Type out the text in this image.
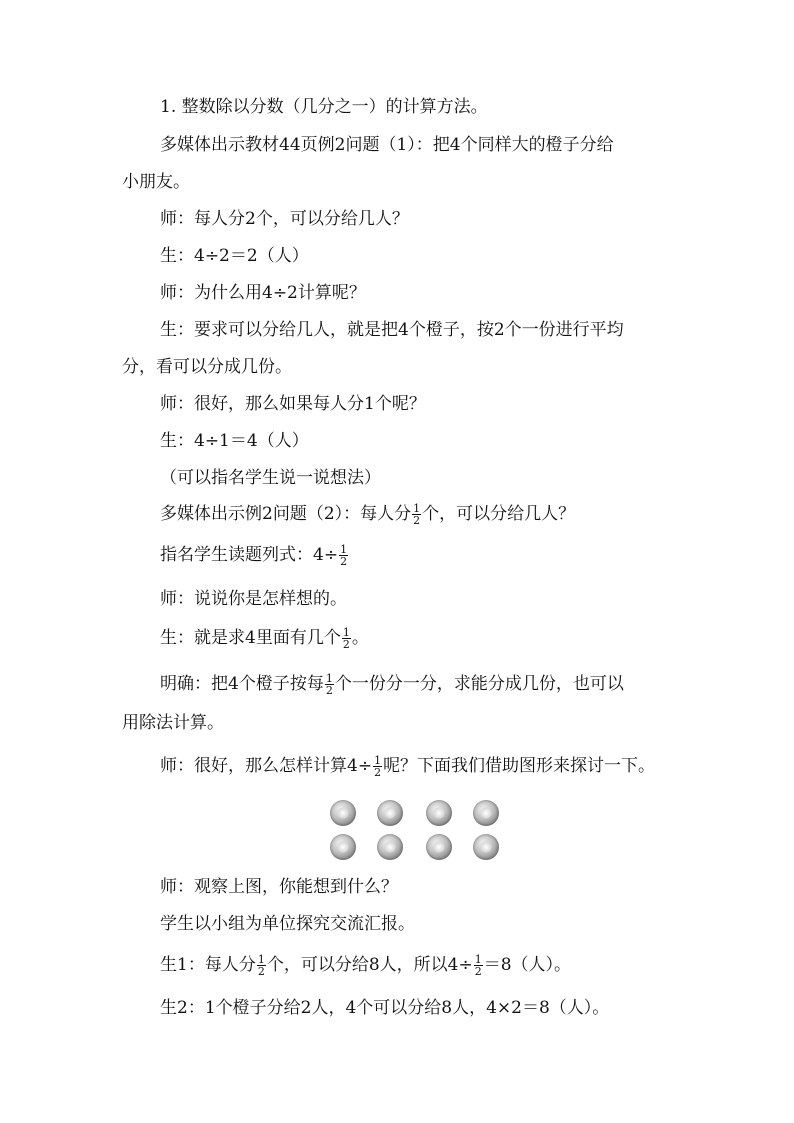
1. 整数除以分数（几分之一）的计算方法。
多媒体出示教材44页例2问题（1）：把4个同样大的橙子分给
小朋友。
师：每人分2个，可以分给几人？
生：4÷2＝2（人）
师：为什么用4÷2计算呢？
生：要求可以分给几人，就是把4个橙子，按2个一份进行平均
分，看可以分成几份。
师：很好，那么如果每人分1个呢？
生：4÷1＝4（人）
（可以指名学生说一说想法）
多媒体出示例2问题（2）：每人分 $\frac{1}{2}$ 个，可以分给几人？
指名学生读题列式：$4\div \frac{1}{2}$
师：说说你是怎样想的。
生：就是求4里面有几个 $\frac{1}{2}$ 。
明确：把4个橙子按每 $\frac{1}{2}$ 个一份分一分，求能分成几份，也可以
用除法计算。
师：很好，那么怎样计算$4\div \frac{1}{2}$ 呢？下面我们借助图形来探讨一下。
师：观察上图，你能想到什么？
学生以小组为单位探究交流汇报。
生1：每人分 $\frac{1}{2}$ 个，可以分给8人，所以$4\div \frac{1}{2} =8$（人）。
生2：1个橙子分给2人，4个可以分给8人，4×2＝8（人）。
